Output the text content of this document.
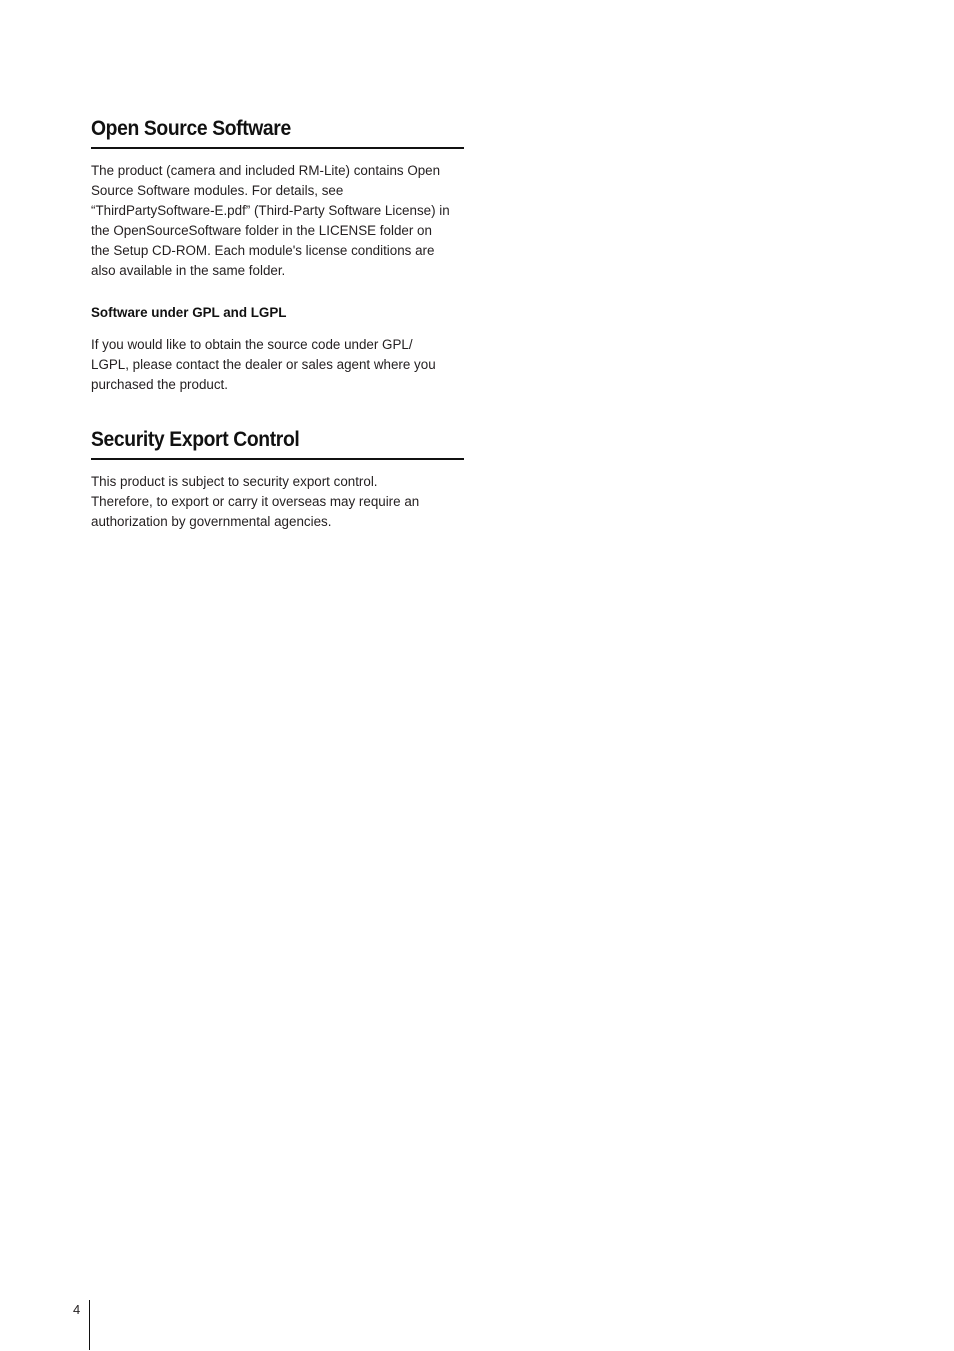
Open Source Software

The product (camera and included RM-Lite) contains Open
Source Software modules. For details, see
“ThirdPartySoftware-E.pdf” (Third-Party Software License) in
the OpenSourceSoftware folder in the LICENSE folder on
the Setup CD-ROM. Each module's license conditions are
also available in the same folder.

Software under GPL and LGPL

If you would like to obtain the source code under GPL/
LGPL, please contact the dealer or sales agent where you
purchased the product.

Security Export Control

This product is subject to security export control.
Therefore, to export or carry it overseas may require an
authorization by governmental agencies.

4
